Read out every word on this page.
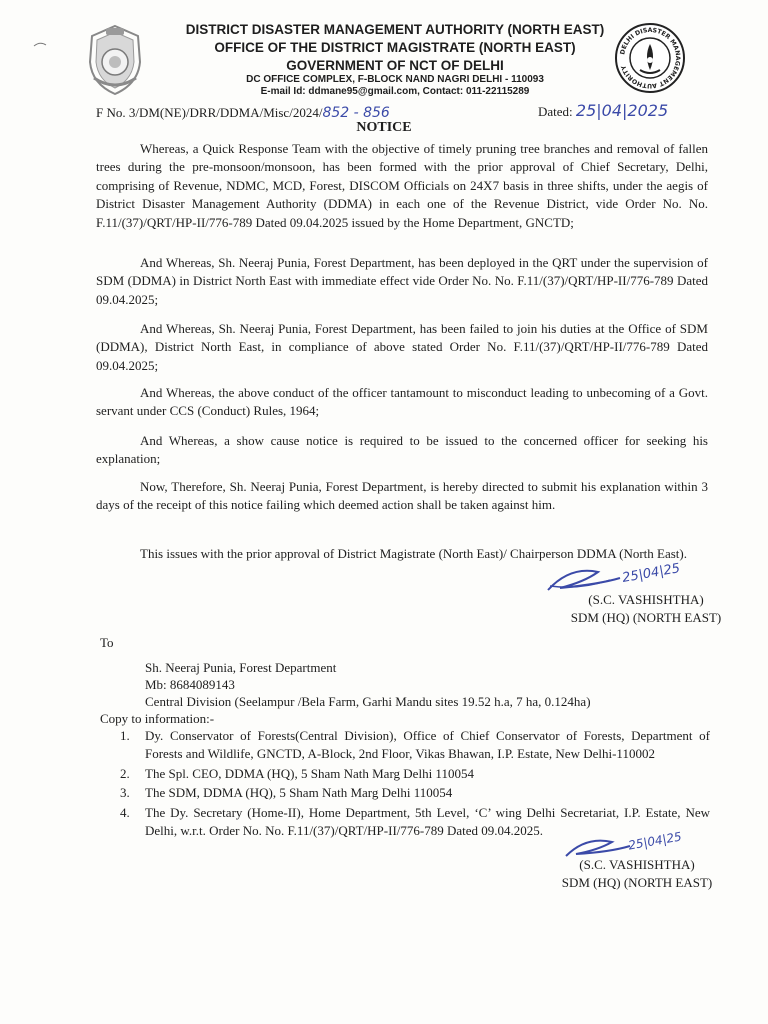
DISTRICT DISASTER MANAGEMENT AUTHORITY (NORTH EAST)
OFFICE OF THE DISTRICT MAGISTRATE (NORTH EAST)
GOVERNMENT OF NCT OF DELHI
DC OFFICE COMPLEX, F-BLOCK NAND NAGRI DELHI - 110093
E-mail Id: ddmane95@gmail.com, Contact: 011-22115289
DELHI DISASTER MANAGEMENT AUTHORITY
F No. 3/DM(NE)/DRR/DDMA/Misc/2024/852 - 856	Dated: 25|04|2025
NOTICE

Whereas, a Quick Response Team with the objective of timely pruning tree branches and removal of fallen trees during the pre-monsoon/monsoon, has been formed with the prior approval of Chief Secretary, Delhi, comprising of Revenue, NDMC, MCD, Forest, DISCOM Officials on 24X7 basis in three shifts, under the aegis of District Disaster Management Authority (DDMA) in each one of the Revenue District, vide Order No. No. F.11/(37)/QRT/HP-II/776-789 Dated 09.04.2025 issued by the Home Department, GNCTD;

And Whereas, Sh. Neeraj Punia, Forest Department, has been deployed in the QRT under the supervision of SDM (DDMA) in District North East with immediate effect vide Order No. No. F.11/(37)/QRT/HP-II/776-789 Dated 09.04.2025;

And Whereas, Sh. Neeraj Punia, Forest Department, has been failed to join his duties at the Office of SDM (DDMA), District North East, in compliance of above stated Order No. F.11/(37)/QRT/HP-II/776-789 Dated 09.04.2025;

And Whereas, the above conduct of the officer tantamount to misconduct leading to unbecoming of a Govt. servant under CCS (Conduct) Rules, 1964;

And Whereas, a show cause notice is required to be issued to the concerned officer for seeking his explanation;

Now, Therefore, Sh. Neeraj Punia, Forest Department, is hereby directed to submit his explanation within 3 days of the receipt of this notice failing which deemed action shall be taken against him.

This issues with the prior approval of District Magistrate (North East)/ Chairperson DDMA (North East).

25|04|25
(S.C. VASHISHTHA)
SDM (HQ) (NORTH EAST)
To
Sh. Neeraj Punia, Forest Department
Mb: 8684089143
Central Division (Seelampur /Bela Farm, Garhi Mandu sites 19.52 h.a, 7 ha, 0.124ha)
Copy to information:-
1. Dy. Conservator of Forests(Central Division), Office of Chief Conservator of Forests, Department of Forests and Wildlife, GNCTD, A-Block, 2nd Floor, Vikas Bhawan, I.P. Estate, New Delhi-110002
2. The Spl. CEO, DDMA (HQ), 5 Sham Nath Marg Delhi 110054
3. The SDM, DDMA (HQ), 5 Sham Nath Marg Delhi 110054
4. The Dy. Secretary (Home-II), Home Department, 5th Level, ‘C’ wing Delhi Secretariat, I.P. Estate, New Delhi, w.r.t. Order No. No. F.11/(37)/QRT/HP-II/776-789 Dated 09.04.2025.	25|04|25
(S.C. VASHISHTHA)
SDM (HQ) (NORTH EAST)
